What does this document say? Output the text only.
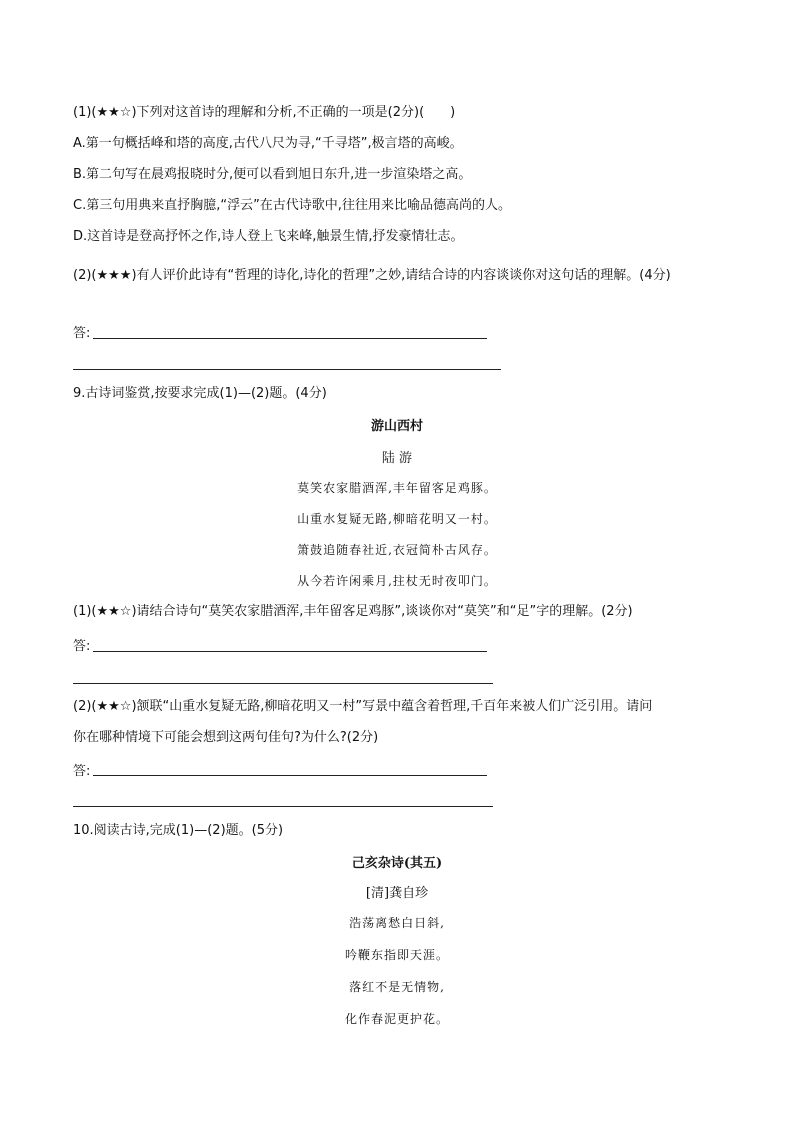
(1)(★★☆)下列对这首诗的理解和分析,不正确的一项是(2分)(　　)
A.第一句概括峰和塔的高度,古代八尺为寻,“千寻塔”,极言塔的高峻。
B.第二句写在晨鸡报晓时分,便可以看到旭日东升,进一步渲染塔之高。
C.第三句用典来直抒胸臆,“浮云”在古代诗歌中,往往用来比喻品德高尚的人。
D.这首诗是登高抒怀之作,诗人登上飞来峰,触景生情,抒发豪情壮志。
(2)(★★★)有人评价此诗有“哲理的诗化,诗化的哲理”之妙,请结合诗的内容谈谈你对这句话的理解。(4分)
答:
9.古诗词鉴赏,按要求完成(1)—(2)题。(4分)
游山西村
陆 游
莫笑农家腊酒浑,丰年留客足鸡豚。
山重水复疑无路,柳暗花明又一村。
箫鼓追随春社近,衣冠简朴古风存。
从今若许闲乘月,拄杖无时夜叩门。
(1)(★★☆)请结合诗句“莫笑农家腊酒浑,丰年留客足鸡豚”,谈谈你对“莫笑”和“足”字的理解。(2分)
答:
(2)(★★☆)颔联“山重水复疑无路,柳暗花明又一村”写景中蕴含着哲理,千百年来被人们广泛引用。请问
你在哪种情境下可能会想到这两句佳句?为什么?(2分)
答:
10.阅读古诗,完成(1)—(2)题。(5分)
己亥杂诗(其五)
[清]龚自珍
浩荡离愁白日斜,
吟鞭东指即天涯。
落红不是无情物,
化作春泥更护花。
